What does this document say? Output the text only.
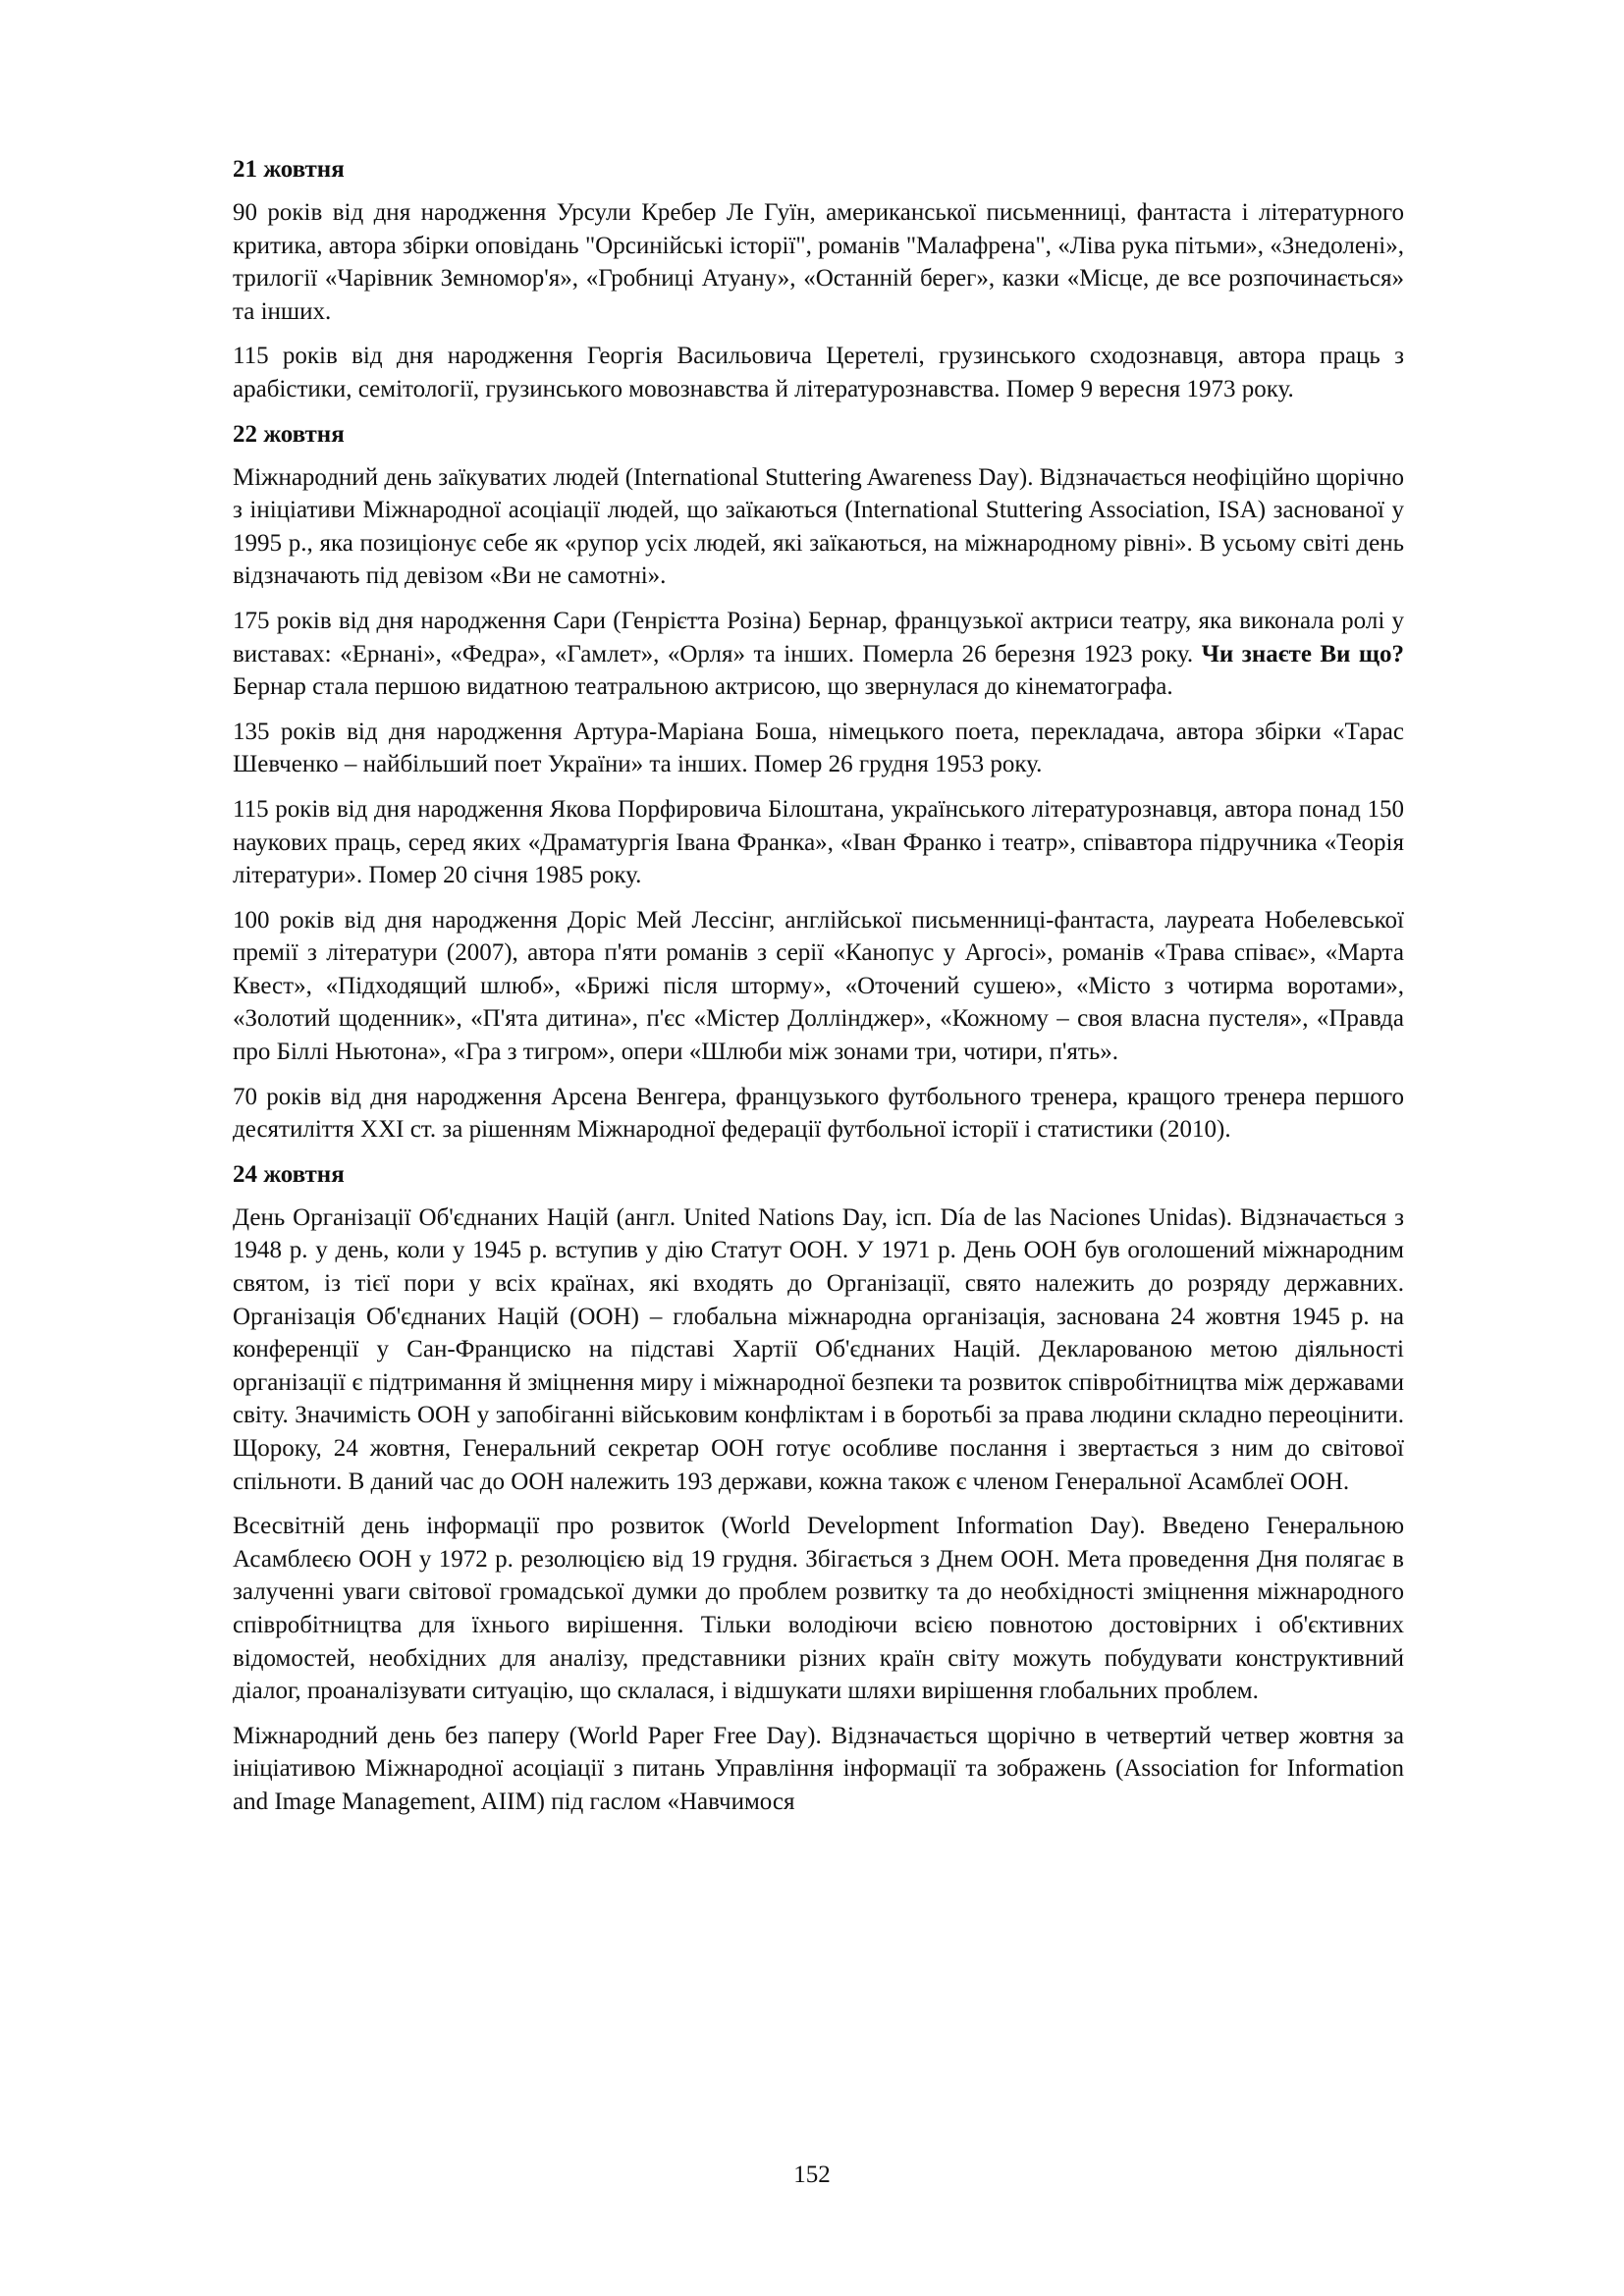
21 жовтня

90 років від дня народження Урсули Кребер Ле Гуїн, американської письменниці, фантаста і літературного критика, автора збірки оповідань "Орсинійські історії", романів "Малафрена", «Ліва рука пітьми», «Знедолені», трилогії «Чарівник Земномор'я», «Гробниці Атуану», «Останній берег», казки «Місце, де все розпочинається» та інших.

115 років від дня народження Георгія Васильовича Церетелі, грузинського сходознавця, автора праць з арабістики, семітології, грузинського мовознавства й літературознавства. Помер 9 вересня 1973 року.

22 жовтня

Міжнародний день заїкуватих людей (International Stuttering Awareness Day). Відзначається неофіційно щорічно з ініціативи Міжнародної асоціації людей, що заїкаються (International Stuttering Association, ISA) заснованої у 1995 р., яка позиціонує себе як «рупор усіх людей, які заїкаються, на міжнародному рівні». В усьому світі день відзначають під девізом «Ви не самотні».

175 років від дня народження Сари (Генрієтта Розіна) Бернар, французької актриси театру, яка виконала ролі у виставах: «Ернані», «Федра», «Гамлет», «Орля» та інших. Померла 26 березня 1923 року. Чи знаєте Ви що? Бернар стала першою видатною театральною актрисою, що звернулася до кінематографа.

135 років від дня народження Артура-Маріана Боша, німецького поета, перекладача, автора збірки «Тарас Шевченко – найбільший поет України» та інших. Помер 26 грудня 1953 року.

115 років від дня народження Якова Порфировича Білоштана, українського літературознавця, автора понад 150 наукових праць, серед яких «Драматургія Івана Франка», «Іван Франко і театр», співавтора підручника «Теорія літератури». Помер 20 січня 1985 року.

100 років від дня народження Доріс Мей Лессінг, англійської письменниці-фантаста, лауреата Нобелевської премії з літератури (2007), автора п'яти романів з серії «Канопус у Аргосі», романів «Трава співає», «Марта Квест», «Підходящий шлюб», «Брижі після шторму», «Оточений сушею», «Місто з чотирма воротами», «Золотий щоденник», «П'ята дитина», п'єс «Містер Доллінджер», «Кожному – своя власна пустеля», «Правда про Біллі Ньютона», «Гра з тигром», опери «Шлюби між зонами три, чотири, п'ять».

70 років від дня народження Арсена Венгера, французького футбольного тренера, кращого тренера першого десятиліття XXI ст. за рішенням Міжнародної федерації футбольної історії і статистики (2010).

24 жовтня

День Організації Об'єднаних Націй (англ. United Nations Day, ісп. Día de las Naciones Unidas). Відзначається з 1948 р. у день, коли у 1945 р. вступив у дію Статут ООН. У 1971 р. День ООН був оголошений міжнародним святом, із тієї пори у всіх країнах, які входять до Організації, свято належить до розряду державних. Організація Об'єднаних Націй (ООН) – глобальна міжнародна організація, заснована 24 жовтня 1945 р. на конференції у Сан-Франциско на підставі Хартії Об'єднаних Націй. Декларованою метою діяльності організації є підтримання й зміцнення миру і міжнародної безпеки та розвиток співробітництва між державами світу. Значимість ООН у запобіганні військовим конфліктам і в боротьбі за права людини складно переоцінити. Щороку, 24 жовтня, Генеральний секретар ООН готує особливе послання і звертається з ним до світової спільноти. В даний час до ООН належить 193 держави, кожна також є членом Генеральної Асамблеї ООН.

Всесвітній день інформації про розвиток (World Development Information Day). Введено Генеральною Асамблеєю ООН у 1972 р. резолюцією від 19 грудня. Збігається з Днем ООН. Мета проведення Дня полягає в залученні уваги світової громадської думки до проблем розвитку та до необхідності зміцнення міжнародного співробітництва для їхнього вирішення. Тільки володіючи всією повнотою достовірних і об'єктивних відомостей, необхідних для аналізу, представники різних країн світу можуть побудувати конструктивний діалог, проаналізувати ситуацію, що склалася, і відшукати шляхи вирішення глобальних проблем.

Міжнародний день без паперу (World Paper Free Day). Відзначається щорічно в четвертий четвер жовтня за ініціативою Міжнародної асоціації з питань Управління інформації та зображень (Association for Information and Image Management, AIIM) під гаслом «Навчимося

152
